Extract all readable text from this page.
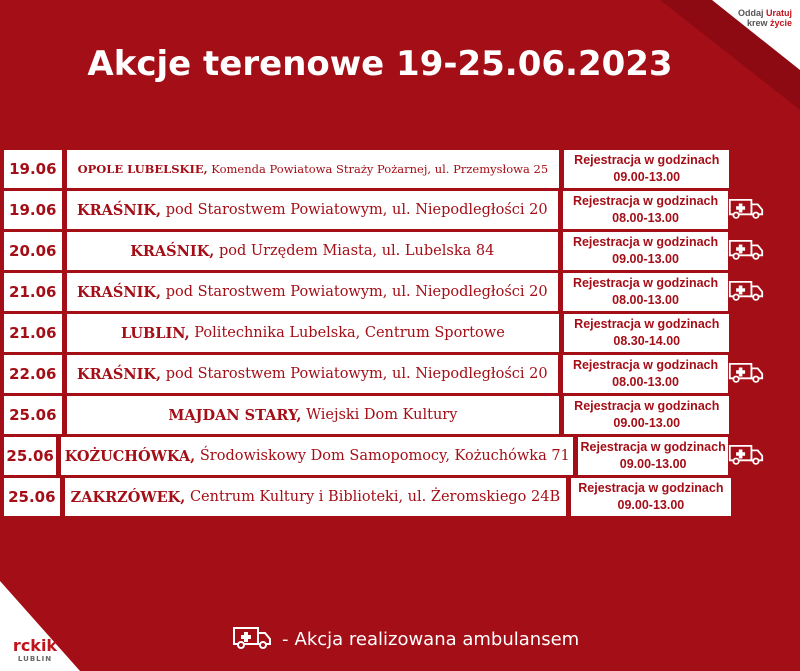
Oddaj Uratuj
krew życie
Akcje terenowe 19-25.06.2023
19.06	OPOLE LUBELSKIE,
Komenda Powiatowa Straży Pożarnej, ul. Przemysłowa 25
Rejestracja w godzinach
09.00-13.00
19.06	KRAŚNIK,
pod Starostwem Powiatowym, ul. Niepodległości 20
Rejestracja w godzinach
08.00-13.00
20.06	KRAŚNIK,
pod Urzędem Miasta, ul. Lubelska 84
Rejestracja w godzinach
09.00-13.00
21.06	KRAŚNIK,
pod Starostwem Powiatowym, ul. Niepodległości 20
Rejestracja w godzinach
08.00-13.00
21.06	LUBLIN,
Politechnika Lubelska, Centrum Sportowe
Rejestracja w godzinach
08.30-14.00
22.06	KRAŚNIK,
pod Starostwem Powiatowym, ul. Niepodległości 20
Rejestracja w godzinach
08.00-13.00
25.06	MAJDAN STARY,
Wiejski Dom Kultury
Rejestracja w godzinach
09.00-13.00
25.06 KOŻUCHÓWKA,
Środowiskowy Dom Samopomocy, Kożuchówka 71
Rejestracja w godzinach
09.00-13.00
25.06 ZAKRZÓWEK,
Centrum Kultury i Biblioteki, ul. Żeromskiego 24B
Rejestracja w godzinach
09.00-13.00
- Akcja realizowana ambulansem
rckik
LUBLIN
